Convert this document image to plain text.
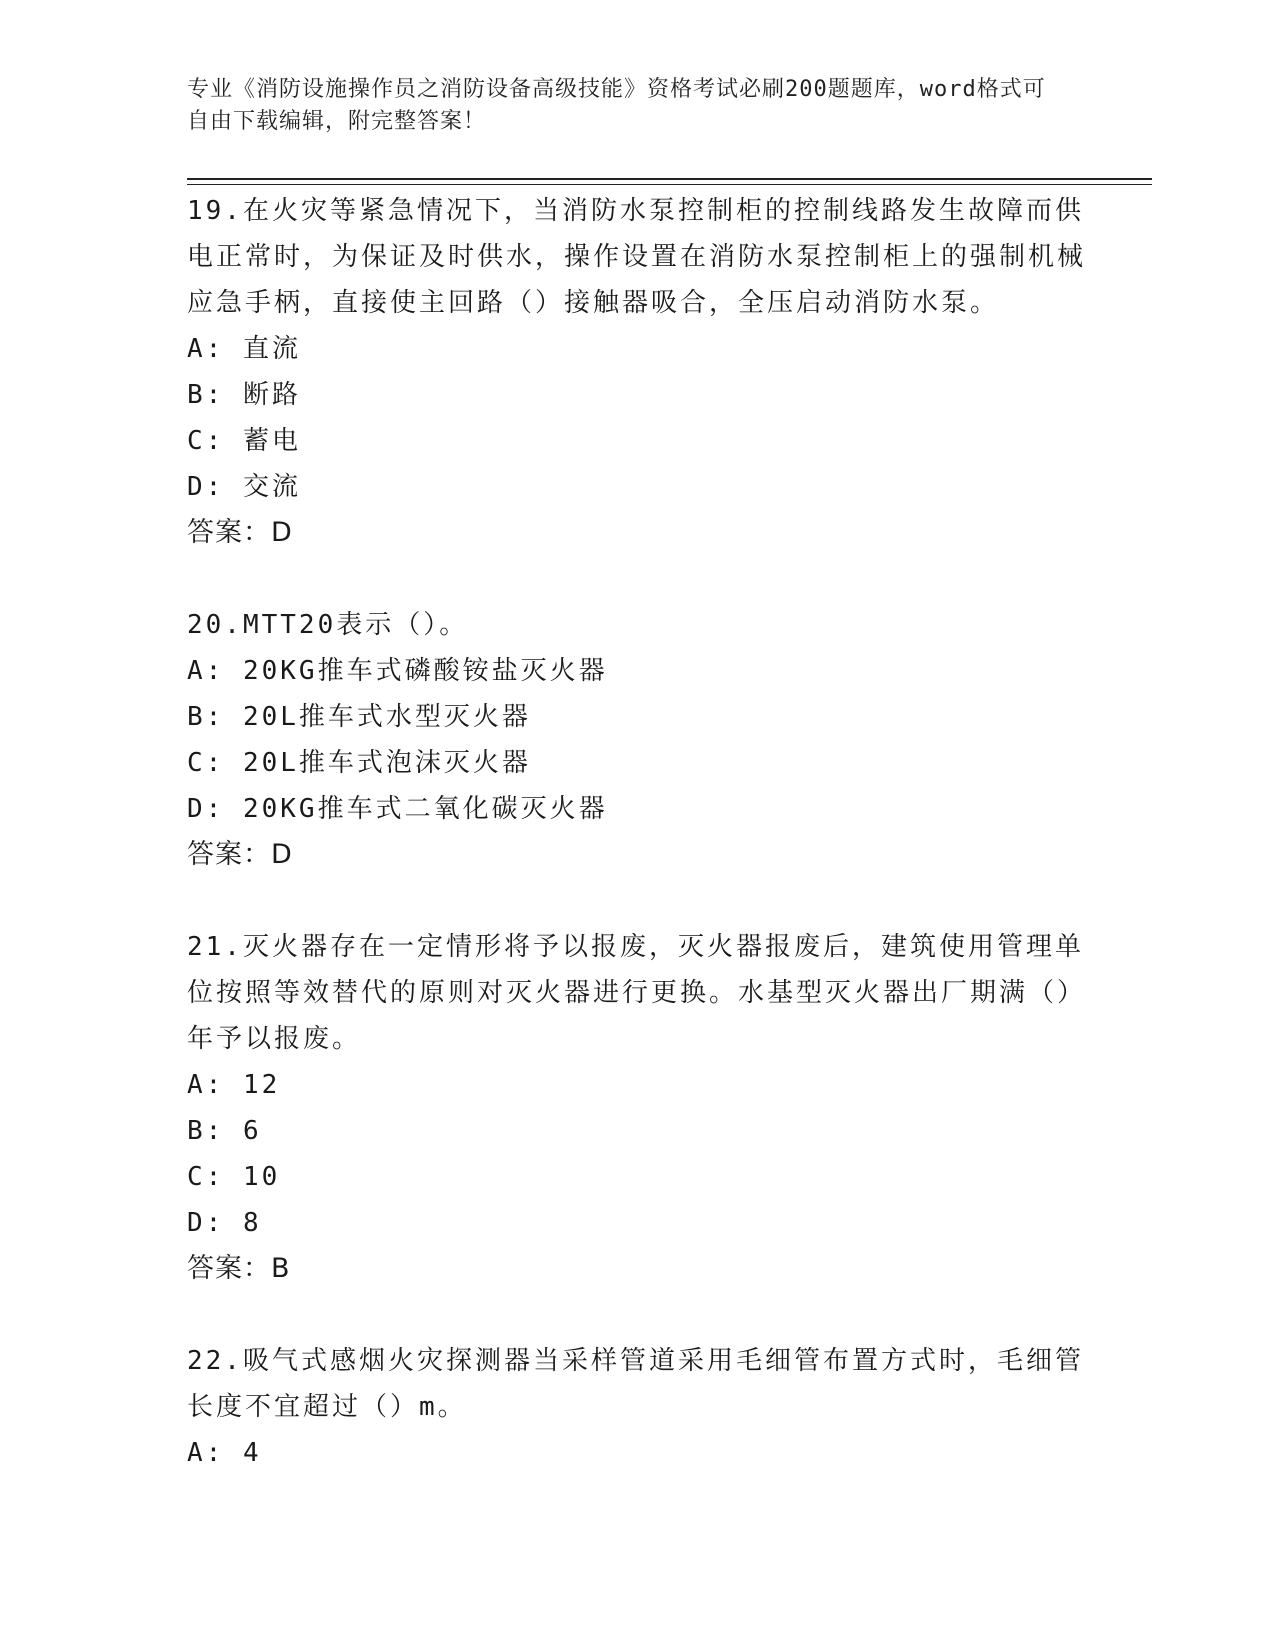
专业《消防设施操作员之消防设备高级技能》资格考试必刷200题题库，word格式可自由下载编辑，附完整答案！
19.在火灾等紧急情况下，当消防水泵控制柜的控制线路发生故障而供电正常时，为保证及时供水，操作设置在消防水泵控制柜上的强制机械应急手柄，直接使主回路（）接触器吸合，全压启动消防水泵。
A: 直流
B: 断路
C: 蓄电
D: 交流
答案：D
20.MTT20表示（）。
A: 20KG推车式磷酸铵盐灭火器
B: 20L推车式水型灭火器
C: 20L推车式泡沫灭火器
D: 20KG推车式二氧化碳灭火器
答案：D
21.灭火器存在一定情形将予以报废，灭火器报废后，建筑使用管理单位按照等效替代的原则对灭火器进行更换。水基型灭火器出厂期满（）年予以报废。
A: 12
B: 6
C: 10
D: 8
答案：B
22.吸气式感烟火灾探测器当采样管道采用毛细管布置方式时，毛细管长度不宜超过（）m。
A: 4
